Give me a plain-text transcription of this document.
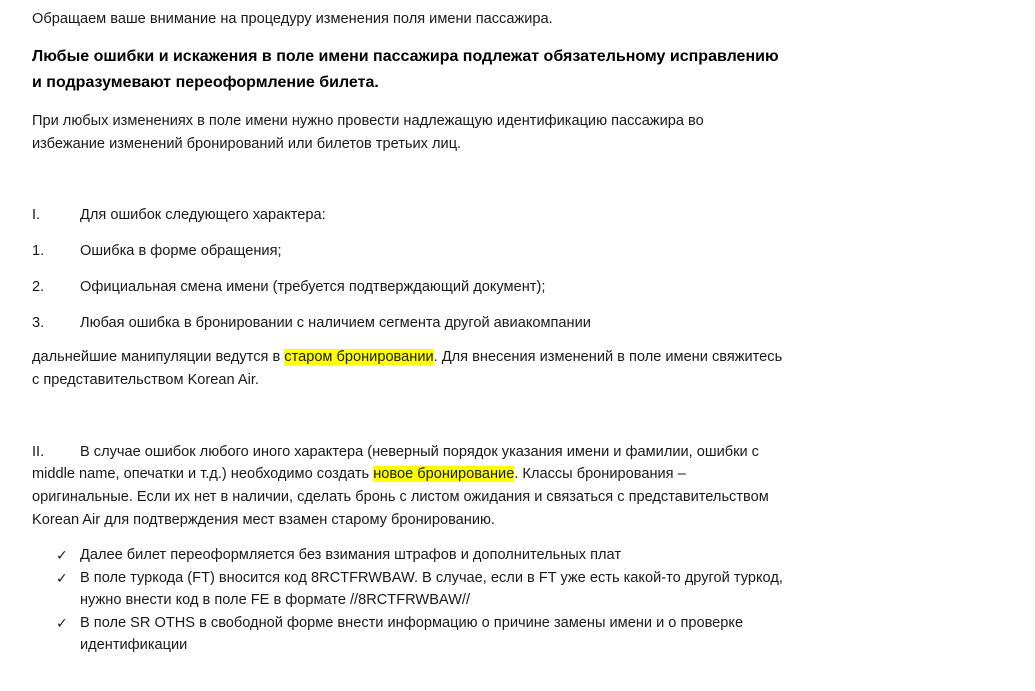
Обращаем ваше внимание на процедуру изменения поля имени пассажира.
Любые ошибки и искажения в поле имени пассажира подлежат обязательному исправлению
и подразумевают переоформление билета.
При любых изменениях в поле имени нужно провести надлежащую идентификацию пассажира во
избежание изменений бронирований или билетов третьих лиц.
I.	Для ошибок следующего характера:
1. Ошибка в форме обращения;
2. Официальная смена имени (требуется подтверждающий документ);
3. Любая ошибка в бронировании с наличием сегмента другой авиакомпании
дальнейшие манипуляции ведутся в старом бронировании. Для внесения изменений в поле имени свяжитесь
с представительством Korean Air.
II. В случае ошибок любого иного характера (неверный порядок указания имени и фамилии, ошибки с
middle name, опечатки и т.д.) необходимо создать новое бронирование. Классы бронирования –
оригинальные. Если их нет в наличии, сделать бронь с листом ожидания и связаться с представительством
Korean Air для подтверждения мест взамен старому бронированию.
✓ Далее билет переоформляется без взимания штрафов и дополнительных плат
✓ В поле туркода (FT) вносится код 8RCTFRWBAW. В случае, если в FT уже есть какой-то другой туркод,
нужно внести код в поле FE в формате //8RCTFRWBAW//
✓ В поле SR OTHS в свободной форме внести информацию о причине замены имени и о проверке
идентификации
